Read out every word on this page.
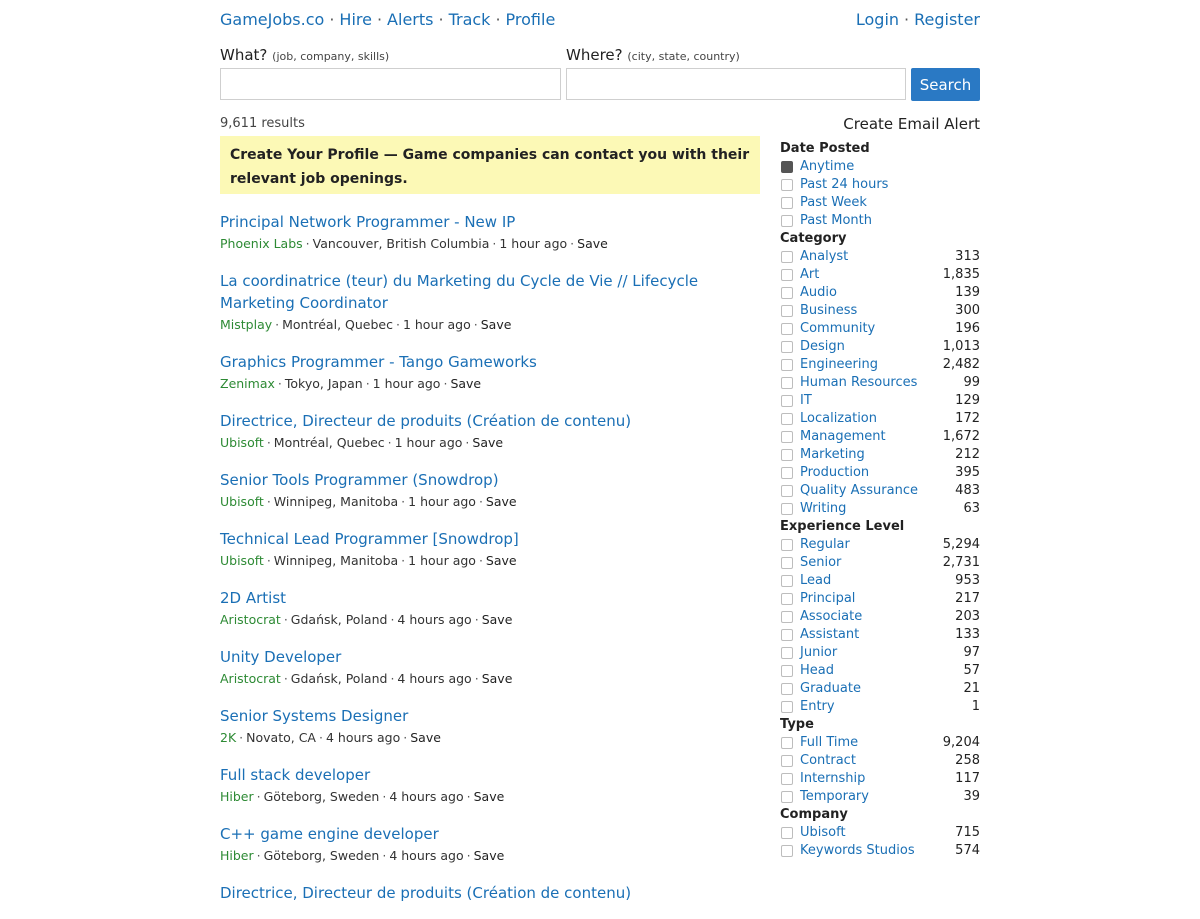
GameJobs.co · Hire · Alerts · Track · Profile	Login · Register
What? (job, company, skills)	Where? (city, state, country)
Search
9,611 results	Create Email Alert
Create Your Profile — Game companies can contact you with their relevant job openings.
Principal Network Programmer - New IP
Phoenix Labs · Vancouver, British Columbia · 1 hour ago · Save
La coordinatrice (teur) du Marketing du Cycle de Vie // Lifecycle Marketing Coordinator
Mistplay · Montréal, Quebec · 1 hour ago · Save
Graphics Programmer - Tango Gameworks
Zenimax · Tokyo, Japan · 1 hour ago · Save
Directrice, Directeur de produits (Création de contenu)
Ubisoft · Montréal, Quebec · 1 hour ago · Save
Senior Tools Programmer (Snowdrop)
Ubisoft · Winnipeg, Manitoba · 1 hour ago · Save
Technical Lead Programmer [Snowdrop]
Ubisoft · Winnipeg, Manitoba · 1 hour ago · Save
2D Artist
Aristocrat · Gdańsk, Poland · 4 hours ago · Save
Unity Developer
Aristocrat · Gdańsk, Poland · 4 hours ago · Save
Senior Systems Designer
2K · Novato, CA · 4 hours ago · Save
Full stack developer
Hiber · Göteborg, Sweden · 4 hours ago · Save
C++ game engine developer
Hiber · Göteborg, Sweden · 4 hours ago · Save
Directrice, Directeur de produits (Création de contenu)
Date Posted
Anytime
Past 24 hours
Past Week
Past Month
Category
Analyst	313
Art	1,835
Audio	139
Business	300
Community	196
Design	1,013
Engineering	2,482
Human Resources	99
IT	129
Localization	172
Management	1,672
Marketing	212
Production	395
Quality Assurance	483
Writing	63
Experience Level
Regular	5,294
Senior	2,731
Lead	953
Principal	217
Associate	203
Assistant	133
Junior	97
Head	57
Graduate	21
Entry	1
Type
Full Time	9,204
Contract	258
Internship	117
Temporary	39
Company
Ubisoft	715
Keywords Studios	574
